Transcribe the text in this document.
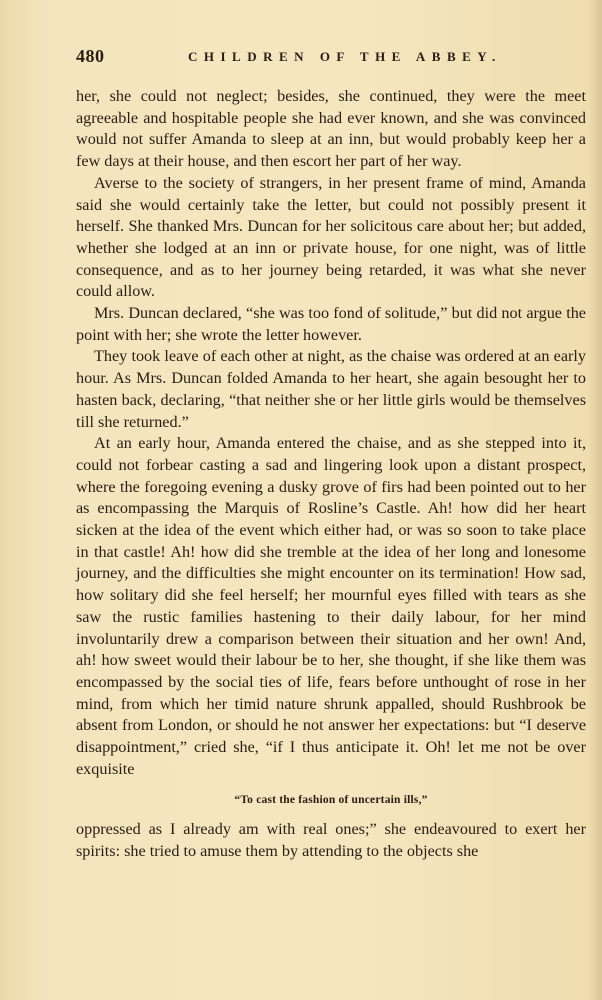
480	CHILDREN OF THE ABBEY.

her, she could not neglect; besides, she continued, they were the meet agreeable and hospitable people she had ever known, and she was convinced would not suffer Amanda to sleep at an inn, but would probably keep her a few days at their house, and then escort her part of her way.

Averse to the society of strangers, in her present frame of mind, Amanda said she would certainly take the letter, but could not possibly present it herself. She thanked Mrs. Duncan for her solicitous care about her; but added, whether she lodged at an inn or private house, for one night, was of little consequence, and as to her journey being retarded, it was what she never could allow.

Mrs. Duncan declared, “she was too fond of solitude,” but did not argue the point with her; she wrote the letter however.

They took leave of each other at night, as the chaise was ordered at an early hour. As Mrs. Duncan folded Amanda to her heart, she again besought her to hasten back, declaring, “that neither she or her little girls would be themselves till she returned.”

At an early hour, Amanda entered the chaise, and as she stepped into it, could not forbear casting a sad and lingering look upon a distant prospect, where the foregoing evening a dusky grove of firs had been pointed out to her as encompassing the Marquis of Rosline’s Castle. Ah! how did her heart sicken at the idea of the event which either had, or was so soon to take place in that castle! Ah! how did she tremble at the idea of her long and lonesome journey, and the difficulties she might encounter on its termination! How sad, how solitary did she feel herself; her mournful eyes filled with tears as she saw the rustic families hastening to their daily labour, for her mind involuntarily drew a comparison between their situation and her own! And, ah! how sweet would their labour be to her, she thought, if she like them was encompassed by the social ties of life, fears before unthought of rose in her mind, from which her timid nature shrunk appalled, should Rushbrook be absent from London, or should he not answer her expectations: but “I deserve disappointment,” cried she, “if I thus anticipate it. Oh! let me not be over exquisite

“To cast the fashion of uncertain ills,”

oppressed as I already am with real ones;” she endeavoured to exert her spirits: she tried to amuse them by attending to the objects she
